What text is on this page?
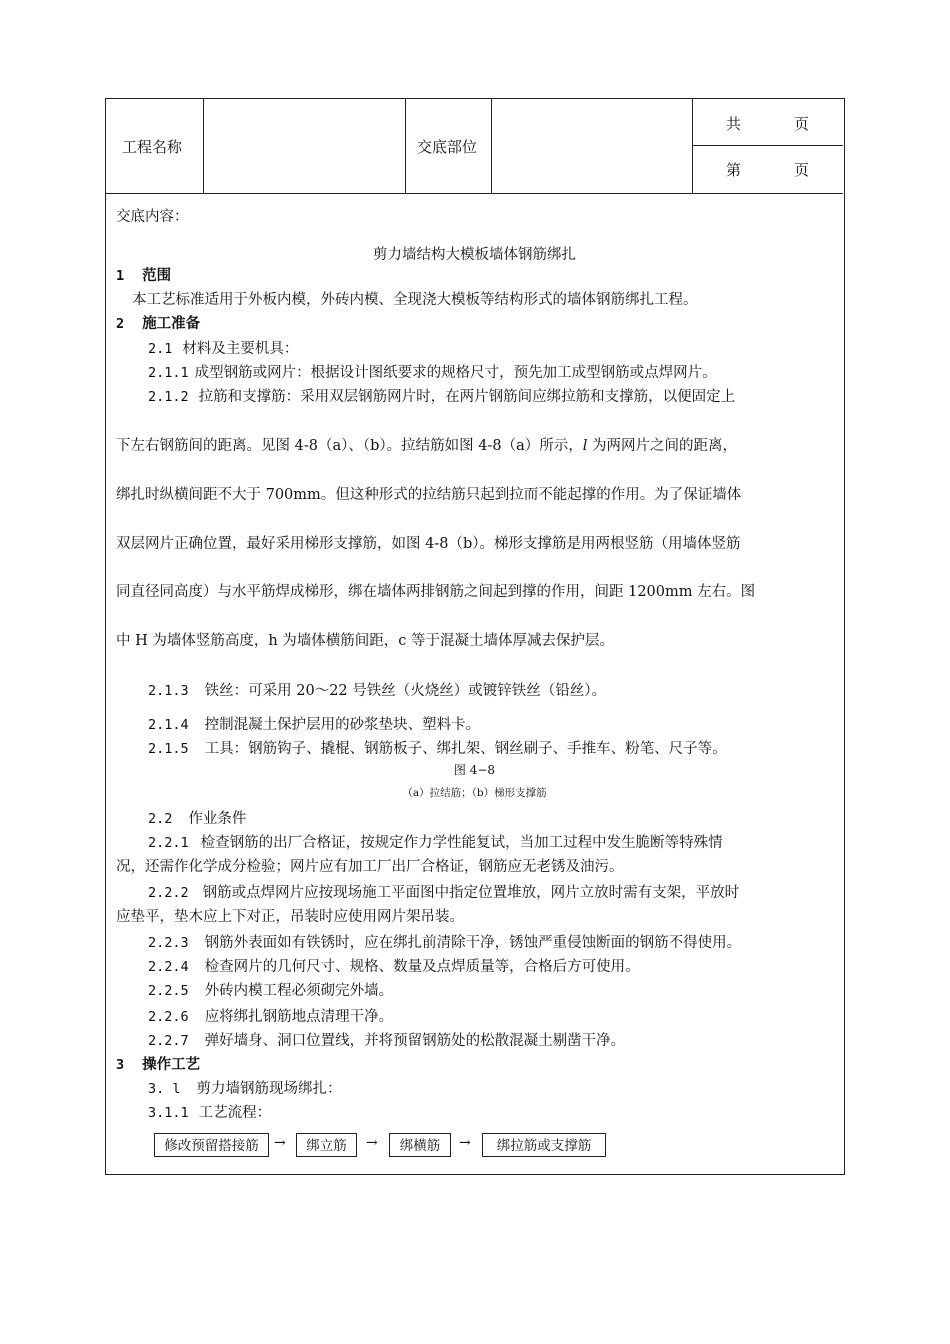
工程名称	交底部位
共	页
第	页
交底内容：
剪力墙结构大模板墙体钢筋绑扎
1 范围
本工艺标准适用于外板内模，外砖内模、全现浇大模板等结构形式的墙体钢筋绑扎工程。
2 施工准备
2.1 材料及主要机具：
2.1.1 成型钢筋或网片：根据设计图纸要求的规格尺寸，预先加工成型钢筋或点焊网片。
2.1.2 拉筋和支撑筋：采用双层钢筋网片时，在两片钢筋间应绑拉筋和支撑筋，以便固定上
下左右钢筋间的距离。见图 4-8（a）、（b）。拉结筋如图 4-8（a）所示，l 为两网片之间的距离，
绑扎时纵横间距不大于 700mm。但这种形式的拉结筋只起到拉而不能起撑的作用。为了保证墙体
双层网片正确位置，最好采用梯形支撑筋，如图 4-8（b）。梯形支撑筋是用两根竖筋（用墙体竖筋
同直径同高度）与水平筋焊成梯形，绑在墙体两排钢筋之间起到撑的作用，间距 1200mm 左右。图
中 H 为墙体竖筋高度，h 为墙体横筋间距，c 等于混凝土墙体厚减去保护层。
2.1.3 铁丝：可采用 20～22 号铁丝（火烧丝）或镀锌铁丝（铅丝）。
2.1.4 控制混凝土保护层用的砂浆垫块、塑料卡。
2.1.5 工具：钢筋钩子、撬棍、钢筋板子、绑扎架、钢丝刷子、手推车、粉笔、尺子等。
图 4−8
（a）拉结筋；（b）梯形支撑筋
2.2 作业条件
2.2.1 检查钢筋的出厂合格证，按规定作力学性能复试，当加工过程中发生脆断等特殊情
况，还需作化学成分检验；网片应有加工厂出厂合格证，钢筋应无老锈及油污。
2.2.2 钢筋或点焊网片应按现场施工平面图中指定位置堆放，网片立放时需有支架，平放时
应垫平，垫木应上下对正，吊装时应使用网片架吊装。
2.2.3 钢筋外表面如有铁锈时，应在绑扎前清除干净，锈蚀严重侵蚀断面的钢筋不得使用。
2.2.4 检查网片的几何尺寸、规格、数量及点焊质量等，合格后方可使用。
2.2.5 外砖内模工程必须砌完外墙。
2.2.6 应将绑扎钢筋地点清理干净。
2.2.7 弹好墙身、洞口位置线，并将预留钢筋处的松散混凝土剔凿干净。
3 操作工艺
3. l 剪力墙钢筋现场绑扎：
3.1.1 工艺流程：
修改预留搭接筋	→	绑立筋	→	绑横筋	→	绑拉筋或支撑筋
